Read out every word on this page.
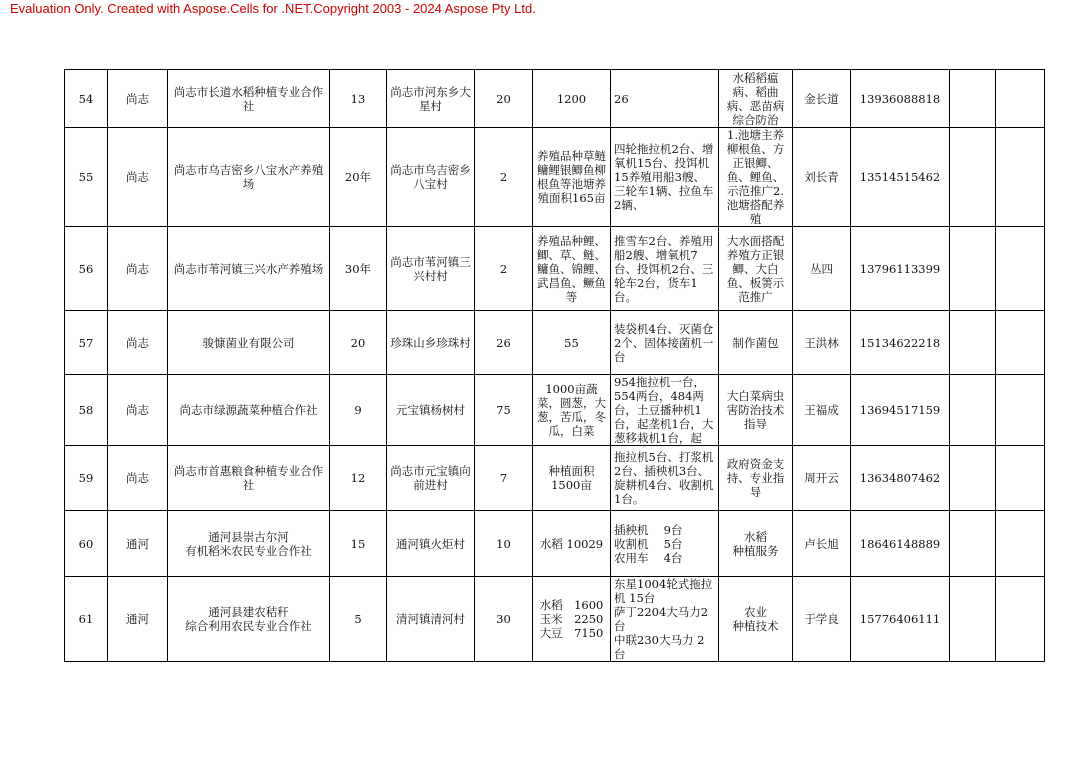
Evaluation Only. Created with Aspose.Cells for .NET.Copyright 2003 - 2024 Aspose Pty Ltd.
54	尚志	尚志市长道水稻种植专业合作社	13	尚志市河东乡大星村	20	1200	26	水稻稻瘟病、稻曲病、恶苗病综合防治	金长道	13936088818		

55	尚志	尚志市乌吉密乡八宝水产养殖场	20年	尚志市乌吉密乡八宝村	2	养殖品种草鲢鳙鲤银鲫鱼柳根鱼等池塘养殖面积165亩	四轮拖拉机2台、增氧机15台、投饵机15养殖用船3艘、三轮车1辆、拉鱼车2辆、	1.池塘主养柳根鱼、方正银鲫、鱼、鲤鱼、示范推广2.池塘搭配养殖	刘长青	13514515462		

56	尚志	尚志市苇河镇三兴水产养殖场	30年	尚志市苇河镇三兴村村	2	养殖品种鲤、鲫、草、鲢、鳙鱼、锦鲤、武昌鱼、鳜鱼等	推雪车2台、养殖用船2艘、增氧机7台、投饵机2台、三轮车2台，货车1台。	大水面搭配养殖方正银鲫、大白鱼、板箦示范推广	丛四	13796113399		

57	尚志	骏慷菌业有限公司	20	珍珠山乡珍珠村	26	55	装袋机4台、灭菌仓2个、固体接菌机一台	制作菌包	王洪林	15134622218		

58	尚志	尚志市绿源蔬菜种植合作社	9	元宝镇杨树村	75	1000亩蔬菜，圆葱，大葱，苦瓜，冬瓜，白菜	954拖拉机一台，554两台，484两台，土豆播种机1台，起垄机1台，大葱移栽机1台，起	大白菜病虫害防治技术指导	王福成	13694517159		

59	尚志	尚志市首惠粮食种植专业合作社	12	尚志市元宝镇向前进村	7	种植面积1500亩	拖拉机5台、打浆机2台、插秧机3台、旋耕机4台、收割机1台。	政府资金支持、专业指导	周开云	13634807462		

60	通河	通河县崇古尔河
有机稻米农民专业合作社	15	通河镇火炬村	10	水稻 10029	插秧机　 9台
收割机　 5台
农用车　 4台	水稻
种植服务	卢长旭	18646148889		

61	通河	通河县建农秸秆
综合利用农民专业合作社	5	清河镇清河村	30	水稻　1600
玉米　2250
大豆　7150	东星1004轮式拖拉机 15台
萨丁2204大马力2台
中联230大马力 2台	农业
种植技术	于学良	15776406111		
